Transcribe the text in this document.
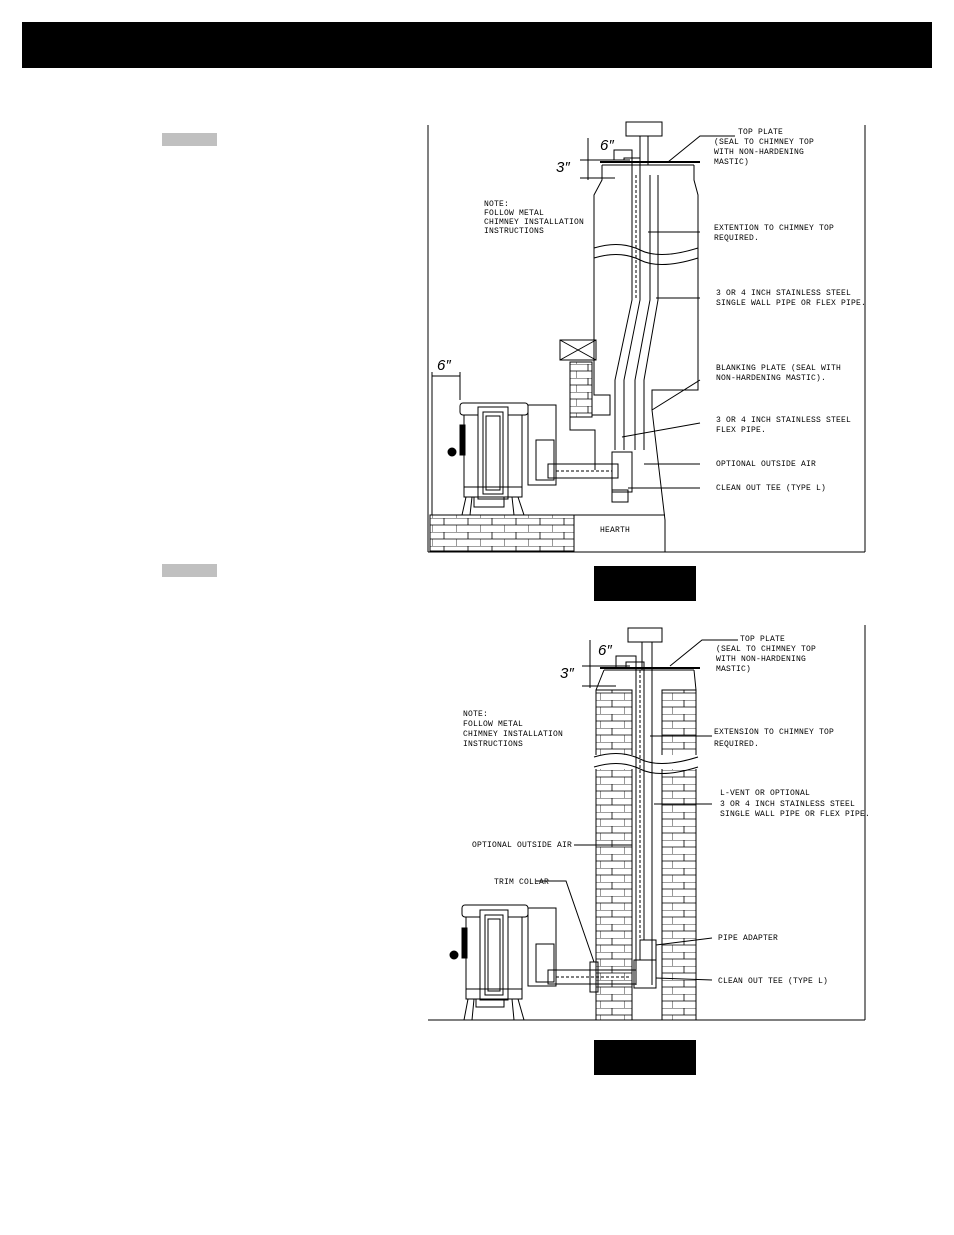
6″
3″
6″
TOP PLATE
(SEAL TO CHIMNEY TOP
WITH NON-HARDENING
MASTIC)
NOTE:
FOLLOW METAL
CHIMNEY INSTALLATION
INSTRUCTIONS	EXTENTION TO CHIMNEY TOP
REQUIRED.
3 OR 4 INCH STAINLESS STEEL
SINGLE WALL PIPE OR FLEX PIPE.
BLANKING PLATE (SEAL WITH
NON-HARDENING MASTIC).
3 OR 4 INCH STAINLESS STEEL
FLEX PIPE.
OPTIONAL OUTSIDE AIR
CLEAN OUT TEE (TYPE L)
HEARTH
6″
3″
TOP PLATE
(SEAL TO CHIMNEY TOP
WITH NON-HARDENING
MASTIC)
NOTE:
FOLLOW METAL
CHIMNEY INSTALLATION
INSTRUCTIONS
EXTENSION TO CHIMNEY TOP
REQUIRED.
L-VENT OR OPTIONAL
3 OR 4 INCH STAINLESS STEEL
SINGLE WALL PIPE OR FLEX PIPE.
OPTIONAL OUTSIDE AIR
TRIM COLLAR
PIPE ADAPTER
CLEAN OUT TEE (TYPE L)
